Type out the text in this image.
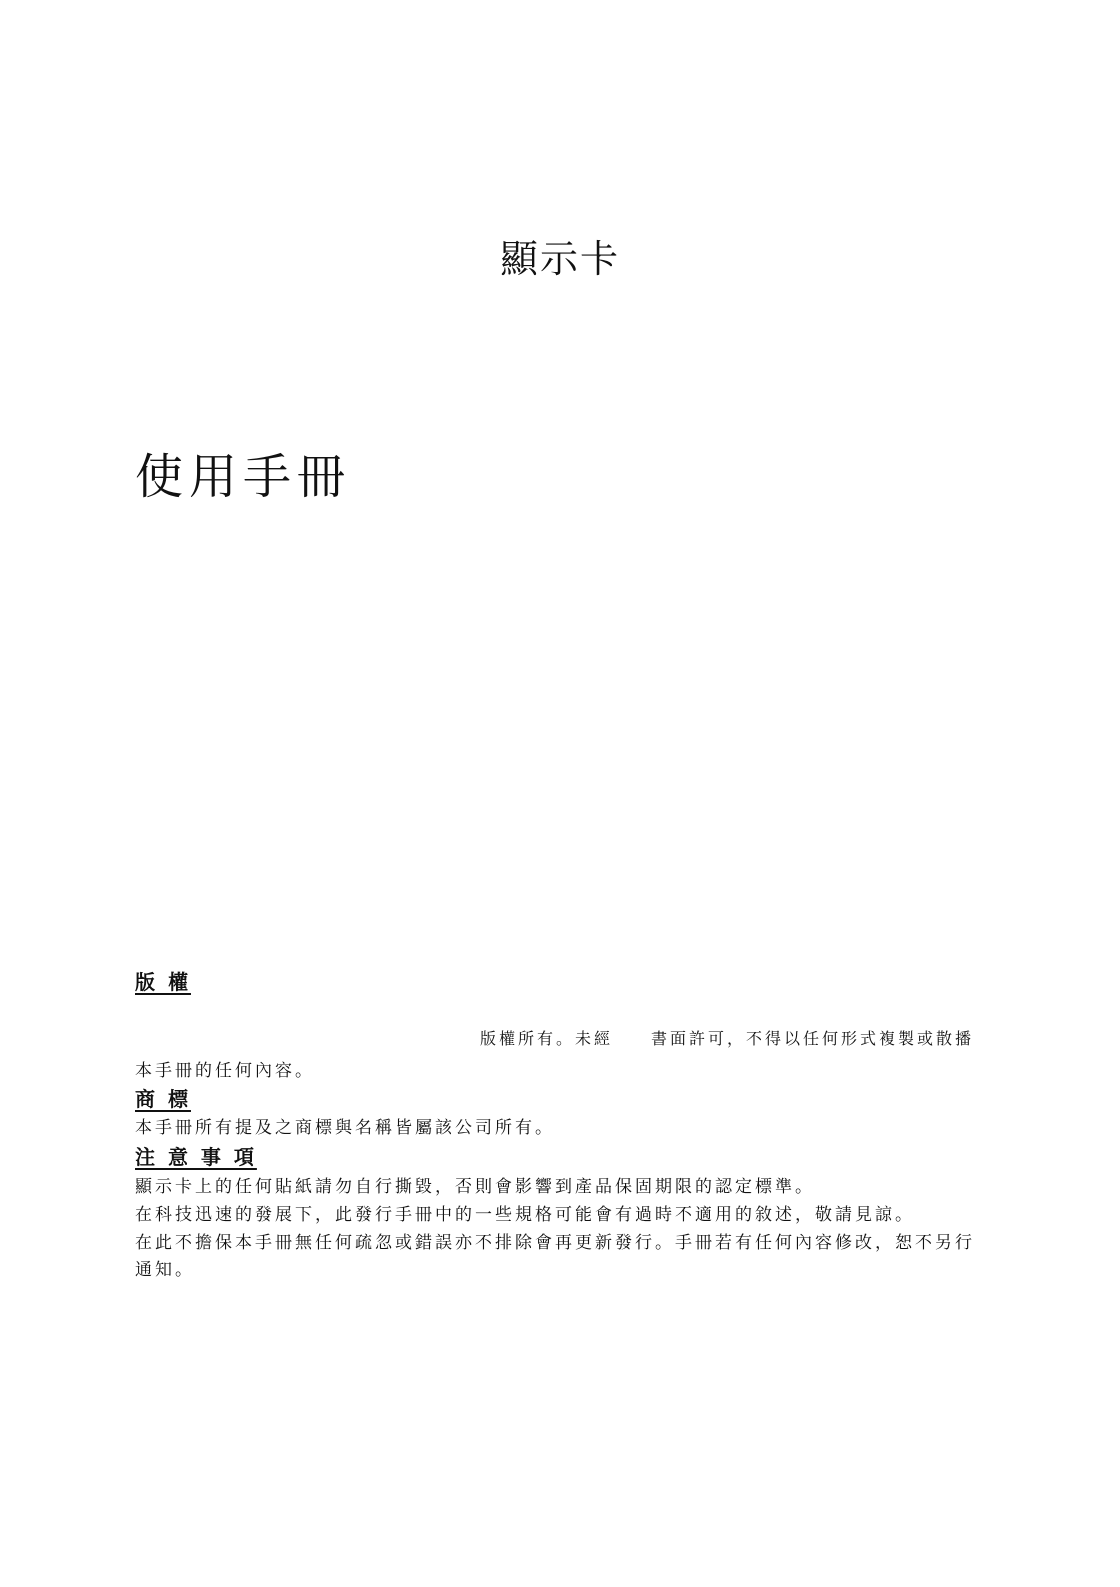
顯示卡
使用手冊
版 權

版權所有。未經　　書面許可，不得以任何形式複製或散播

本手冊的任何內容。

商 標

本手冊所有提及之商標與名稱皆屬該公司所有。

注 意 事 項

顯示卡上的任何貼紙請勿自行撕毀，否則會影響到產品保固期限的認定標準。

在科技迅速的發展下，此發行手冊中的一些規格可能會有過時不適用的敘述，敬請見諒。

在此不擔保本手冊無任何疏忽或錯誤亦不排除會再更新發行。手冊若有任何內容修改，恕不另行

通知。
